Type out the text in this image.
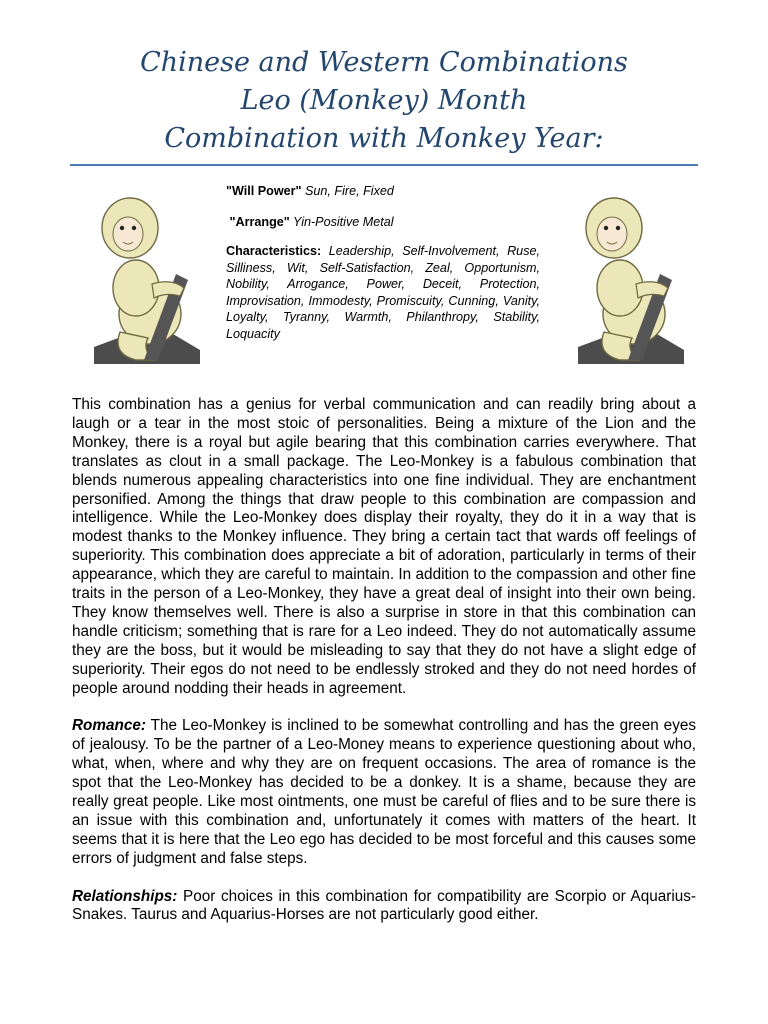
Chinese and Western Combinations
Leo (Monkey) Month
Combination with Monkey Year:

"Will Power" Sun, Fire, Fixed

"Arrange" Yin-Positive Metal

Characteristics: Leadership, Self-Involvement, Ruse, Silliness, Wit, Self-Satisfaction, Zeal, Opportunism, Nobility, Arrogance, Power, Deceit, Protection, Improvisation, Immodesty, Promiscuity, Cunning, Vanity, Loyalty, Tyranny, Warmth, Philanthropy, Stability, Loquacity

This combination has a genius for verbal communication and can readily bring about a laugh or a tear in the most stoic of personalities. Being a mixture of the Lion and the Monkey, there is a royal but agile bearing that this combination carries everywhere. That translates as clout in a small package. The Leo-Monkey is a fabulous combination that blends numerous appealing characteristics into one fine individual. They are enchantment personified. Among the things that draw people to this combination are compassion and intelligence. While the Leo-Monkey does display their royalty, they do it in a way that is modest thanks to the Monkey influence. They bring a certain tact that wards off feelings of superiority. This combination does appreciate a bit of adoration, particularly in terms of their appearance, which they are careful to maintain. In addition to the compassion and other fine traits in the person of a Leo-Monkey, they have a great deal of insight into their own being. They know themselves well. There is also a surprise in store in that this combination can handle criticism; something that is rare for a Leo indeed. They do not automatically assume they are the boss, but it would be misleading to say that they do not have a slight edge of superiority. Their egos do not need to be endlessly stroked and they do not need hordes of people around nodding their heads in agreement.

Romance: The Leo-Monkey is inclined to be somewhat controlling and has the green eyes of jealousy. To be the partner of a Leo-Money means to experience questioning about who, what, when, where and why they are on frequent occasions. The area of romance is the spot that the Leo-Monkey has decided to be a donkey. It is a shame, because they are really great people. Like most ointments, one must be careful of flies and to be sure there is an issue with this combination and, unfortunately it comes with matters of the heart. It seems that it is here that the Leo ego has decided to be most forceful and this causes some errors of judgment and false steps.

Relationships: Poor choices in this combination for compatibility are Scorpio or Aquarius-Snakes. Taurus and Aquarius-Horses are not particularly good either.
